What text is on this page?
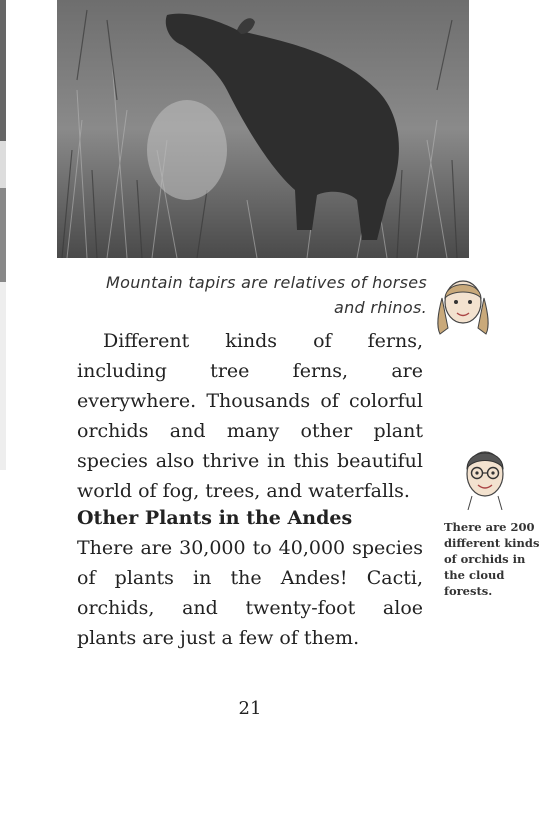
Mountain tapirs are relatives of horses and rhinos.

Different kinds of ferns, including tree ferns, are everywhere. Thousands of colorful orchids and many other plant species also thrive in this beautiful world of fog, trees, and waterfalls.

Other Plants in the Andes

There are 30,000 to 40,000 species of plants in the Andes! Cacti, orchids, and twenty-foot aloe plants are just a few of them.

There are 200 different kinds of orchids in the cloud forests.
21
